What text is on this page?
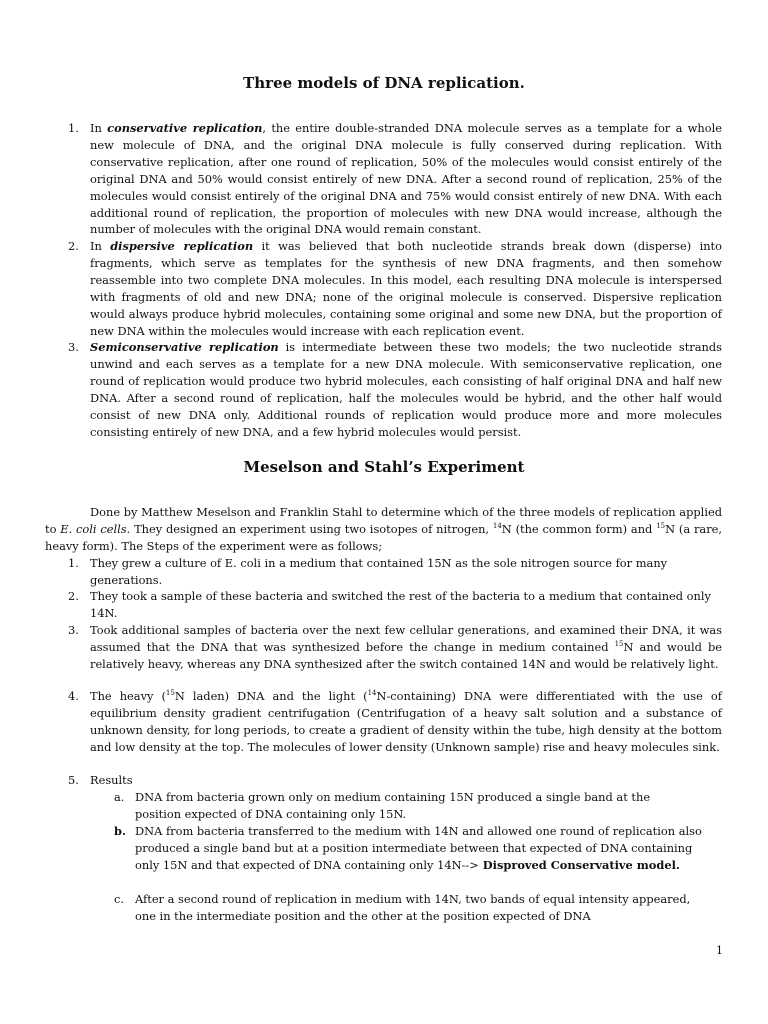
Three models of DNA replication.
1. In conservative replication, the entire double-stranded DNA molecule serves as a template for a whole new molecule of DNA, and the original DNA molecule is fully conserved during replication. With conservative replication, after one round of replication, 50% of the molecules would consist entirely of the original DNA and 50% would consist entirely of new DNA. After a second round of replication, 25% of the molecules would consist entirely of the original DNA and 75% would consist entirely of new DNA. With each additional round of replication, the proportion of molecules with new DNA would increase, although the number of molecules with the original DNA would remain constant.
2. In dispersive replication it was believed that both nucleotide strands break down (disperse) into fragments, which serve as templates for the synthesis of new DNA fragments, and then somehow reassemble into two complete DNA molecules. In this model, each resulting DNA molecule is interspersed with fragments of old and new DNA; none of the original molecule is conserved. Dispersive replication would always produce hybrid molecules, containing some original and some new DNA, but the proportion of new DNA within the molecules would increase with each replication event.
3. Semiconservative replication is intermediate between these two models; the two nucleotide strands unwind and each serves as a template for a new DNA molecule. With semiconservative replication, one round of replication would produce two hybrid molecules, each consisting of half original DNA and half new DNA. After a second round of replication, half the molecules would be hybrid, and the other half would consist of new DNA only. Additional rounds of replication would produce more and more molecules consisting entirely of new DNA, and a few hybrid molecules would persist.
Meselson and Stahl’s Experiment
Done by Matthew Meselson and Franklin Stahl to determine which of the three models of replication applied to E. coli cells. They designed an experiment using two isotopes of nitrogen, $^{14}$N (the common form) and $^{15}$N (a rare, heavy form). The Steps of the experiment were as follows;
1. They grew a culture of E. coli in a medium that contained 15N as the sole nitrogen source for many generations.
2. They took a sample of these bacteria and switched the rest of the bacteria to a medium that contained only 14N.
3. Took additional samples of bacteria over the next few cellular generations, and examined their DNA, it was assumed that the DNA that was synthesized before the change in medium contained $^{15}$N and would be relatively heavy, whereas any DNA synthesized after the switch contained 14N and would be relatively light.
4. The heavy ($^{15}$N laden) DNA and the light ($^{14}$N-containing) DNA were differentiated with the use of equilibrium density gradient centrifugation (Centrifugation of a heavy salt solution and a substance of unknown density, for long periods, to create a gradient of density within the tube, high density at the bottom and low density at the top. The molecules of lower density (Unknown sample) rise and heavy molecules sink.
5. Results
a. DNA from bacteria grown only on medium containing 15N produced a single band at the position expected of DNA containing only 15N.
b. DNA from bacteria transferred to the medium with 14N and allowed one round of replication also produced a single band but at a position intermediate between that expected of DNA containing only 15N and that expected of DNA containing only 14N--> Disproved Conservative model.
c. After a second round of replication in medium with 14N, two bands of equal intensity appeared, one in the intermediate position and the other at the position expected of DNA
1
